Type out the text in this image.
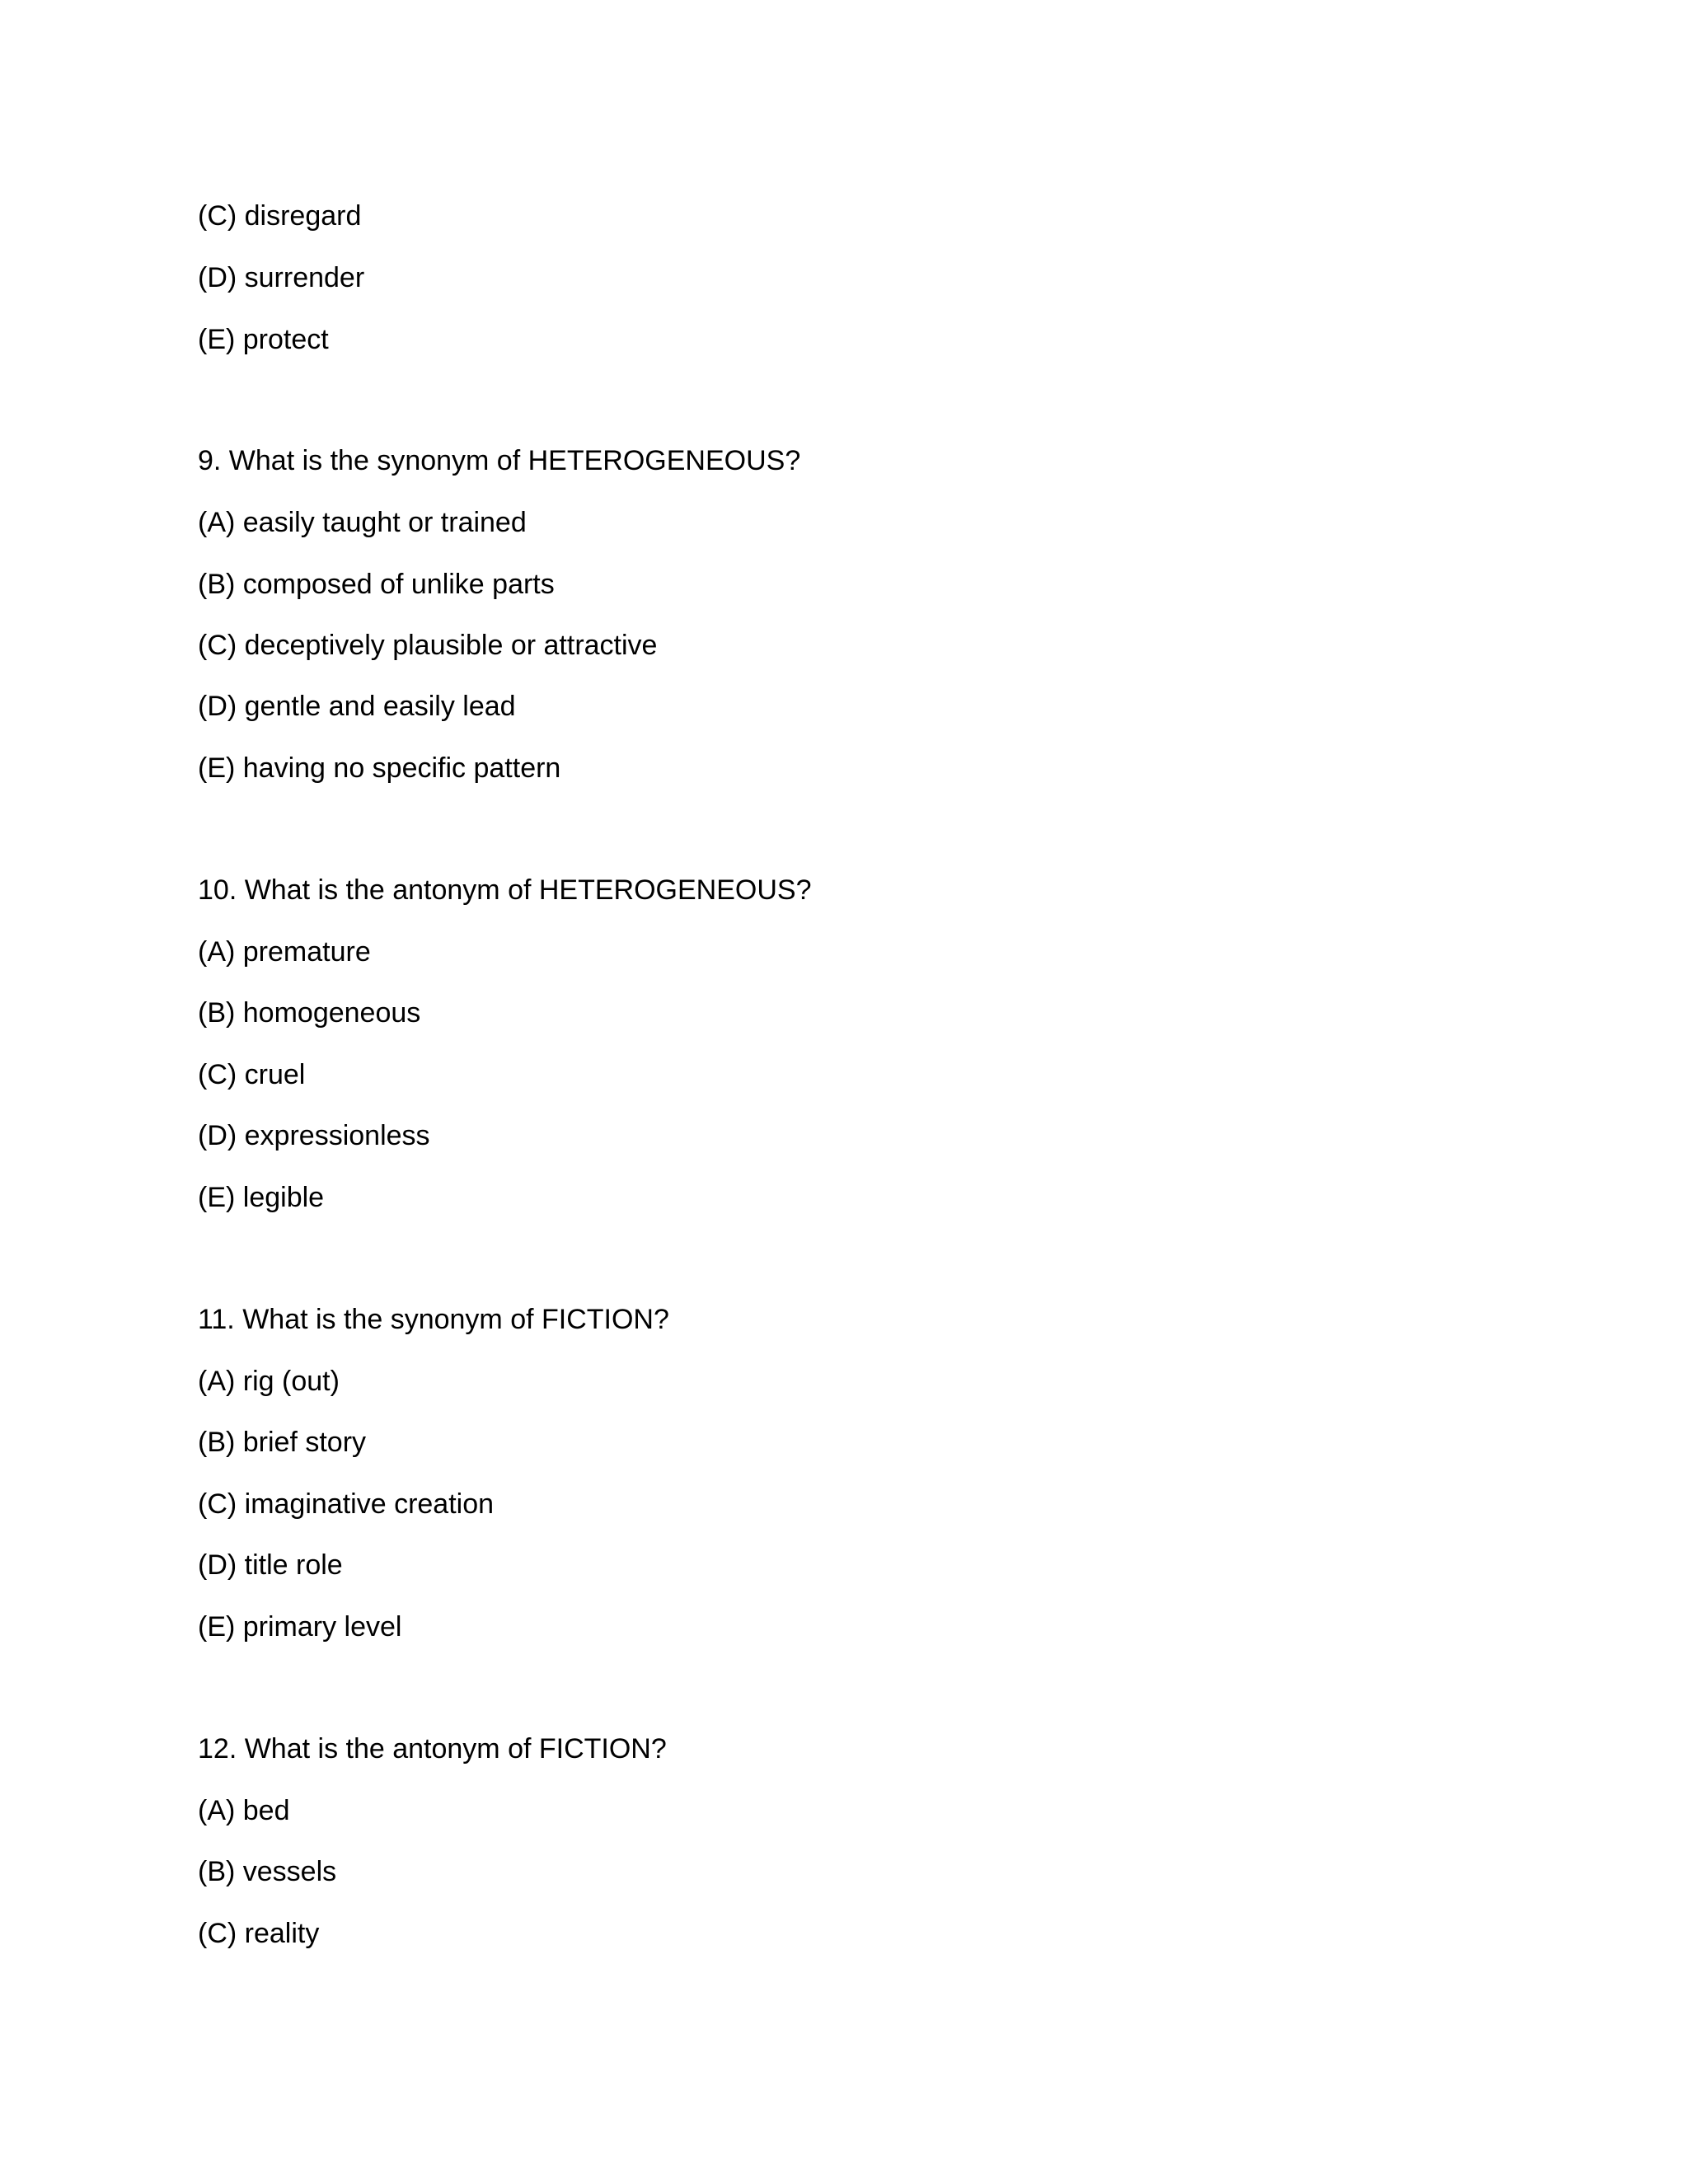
(C) disregard
(D) surrender
(E) protect
9. What is the synonym of HETEROGENEOUS?
(A) easily taught or trained
(B) composed of unlike parts
(C) deceptively plausible or attractive
(D) gentle and easily lead
(E) having no specific pattern
10. What is the antonym of HETEROGENEOUS?
(A) premature
(B) homogeneous
(C) cruel
(D) expressionless
(E) legible
11. What is the synonym of FICTION?
(A) rig (out)
(B) brief story
(C) imaginative creation
(D) title role
(E) primary level
12. What is the antonym of FICTION?
(A) bed
(B) vessels
(C) reality
